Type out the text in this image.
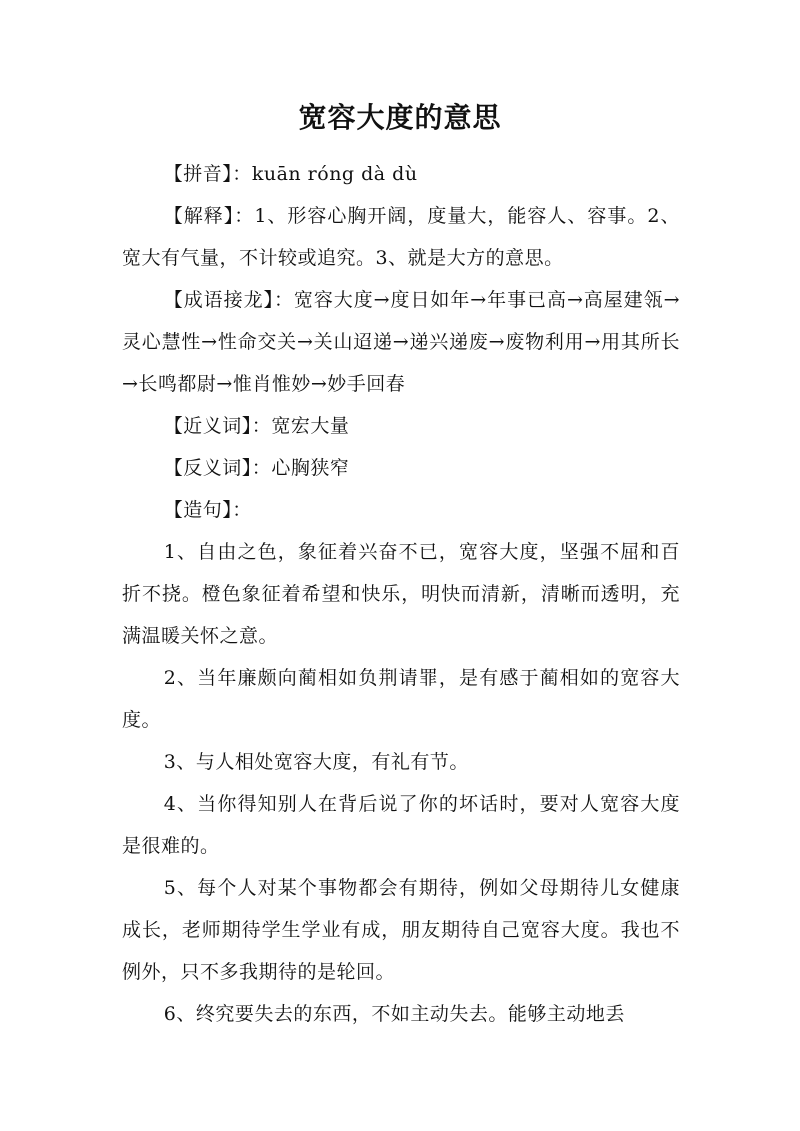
宽容大度的意思

【拼音】：kuān róng dà dù

【解释】：1、形容心胸开阔，度量大，能容人、容事。2、宽大有气量，不计较或追究。3、就是大方的意思。

【成语接龙】：宽容大度→度日如年→年事已高→高屋建瓴→灵心慧性→性命交关→关山迢递→递兴递废→废物利用→用其所长→长鸣都尉→惟肖惟妙→妙手回春

【近义词】：宽宏大量

【反义词】：心胸狭窄

【造句】：

1、自由之色，象征着兴奋不已，宽容大度，坚强不屈和百折不挠。橙色象征着希望和快乐，明快而清新，清晰而透明，充满温暖关怀之意。

2、当年廉颇向蔺相如负荆请罪，是有感于蔺相如的宽容大度。

3、与人相处宽容大度，有礼有节。

4、当你得知别人在背后说了你的坏话时，要对人宽容大度是很难的。

5、每个人对某个事物都会有期待，例如父母期待儿女健康成长，老师期待学生学业有成，朋友期待自己宽容大度。我也不例外，只不多我期待的是轮回。

6、终究要失去的东西，不如主动失去。能够主动地丢
